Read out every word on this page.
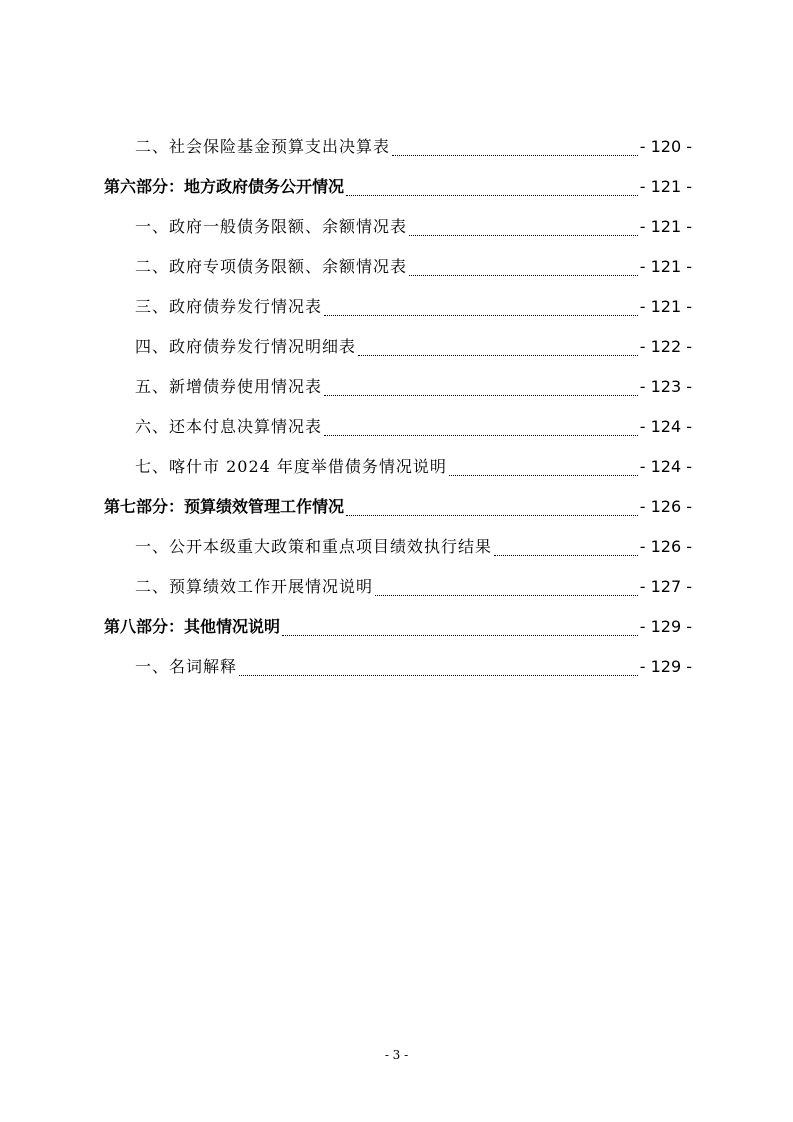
二、社会保险基金预算支出决算表	- 120 -
第六部分：地方政府债务公开情况	- 121 -
一、政府一般债务限额、余额情况表	- 121 -
二、政府专项债务限额、余额情况表	- 121 -
三、政府债券发行情况表	- 121 -
四、政府债券发行情况明细表	- 122 -
五、新增债券使用情况表	- 123 -
六、还本付息决算情况表	- 124 -
七、喀什市 2024 年度举借债务情况说明	- 124 -
第七部分：预算绩效管理工作情况	- 126 -
一、公开本级重大政策和重点项目绩效执行结果	- 126 -
二、预算绩效工作开展情况说明	- 127 -
第八部分：其他情况说明	- 129 -
一、名词解释	- 129 -
- 3 -
